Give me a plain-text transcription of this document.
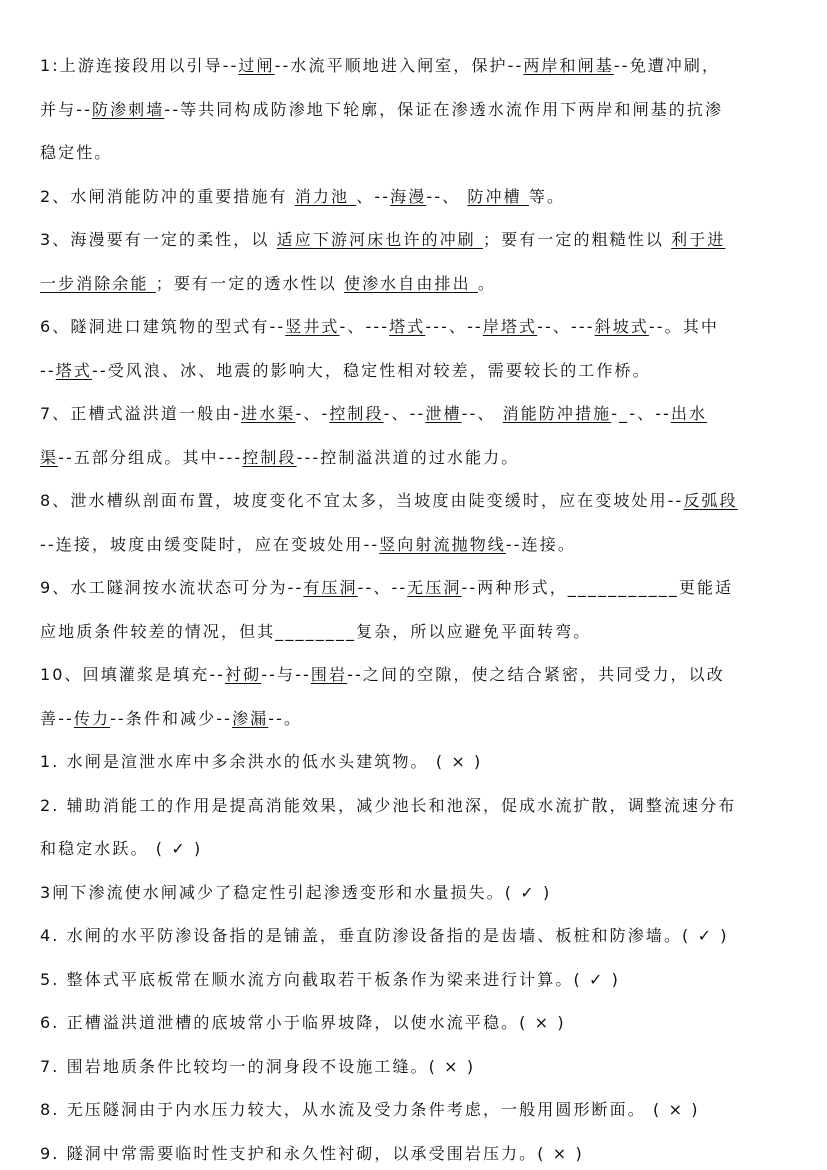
1:上游连接段用以引导--过闸--水流平顺地进入闸室，保护--两岸和闸基--免遭冲刷，
并与--防渗刺墙--等共同构成防渗地下轮廓，保证在渗透水流作用下两岸和闸基的抗渗
稳定性。
2、水闸消能防冲的重要措施有 消力池 、--海漫--、 防冲槽 等。
3、海漫要有一定的柔性，以 适应下游河床也许的冲刷 ；要有一定的粗糙性以 利于进
一步消除余能 ；要有一定的透水性以 使渗水自由排出 。
6、隧洞进口建筑物的型式有--竖井式-、---塔式---、--岸塔式--、---斜坡式--。其中
--塔式--受风浪、冰、地震的影响大，稳定性相对较差，需要较长的工作桥。
7、正槽式溢洪道一般由-进水渠-、-控制段-、--泄槽--、 消能防冲措施-_-、--出水
渠--五部分组成。其中---控制段---控制溢洪道的过水能力。
8、泄水槽纵剖面布置，坡度变化不宜太多，当坡度由陡变缓时，应在变坡处用--反弧段
--连接，坡度由缓变陡时，应在变坡处用--竖向射流抛物线--连接。
9、水工隧洞按水流状态可分为--有压洞--、--无压洞--两种形式，___________更能适
应地质条件较差的情况，但其________复杂，所以应避免平面转弯。
10、回填灌浆是填充--衬砌--与--围岩--之间的空隙，使之结合紧密，共同受力，以改
善--传力--条件和减少--渗漏--。
1. 水闸是渲泄水库中多余洪水的低水头建筑物。 ( × )
2. 辅助消能工的作用是提高消能效果，减少池长和池深，促成水流扩散，调整流速分布
和稳定水跃。 ( ✓ )
3闸下渗流使水闸减少了稳定性引起渗透变形和水量损失。( ✓ )
4. 水闸的水平防渗设备指的是铺盖，垂直防渗设备指的是齿墙、板桩和防渗墙。( ✓ )
5. 整体式平底板常在顺水流方向截取若干板条作为梁来进行计算。( ✓ )
6. 正槽溢洪道泄槽的底坡常小于临界坡降，以使水流平稳。( × )
7. 围岩地质条件比较均一的洞身段不设施工缝。( × )
8. 无压隧洞由于内水压力较大，从水流及受力条件考虑，一般用圆形断面。 ( × )
9. 隧洞中常需要临时性支护和永久性衬砌，以承受围岩压力。( × )
